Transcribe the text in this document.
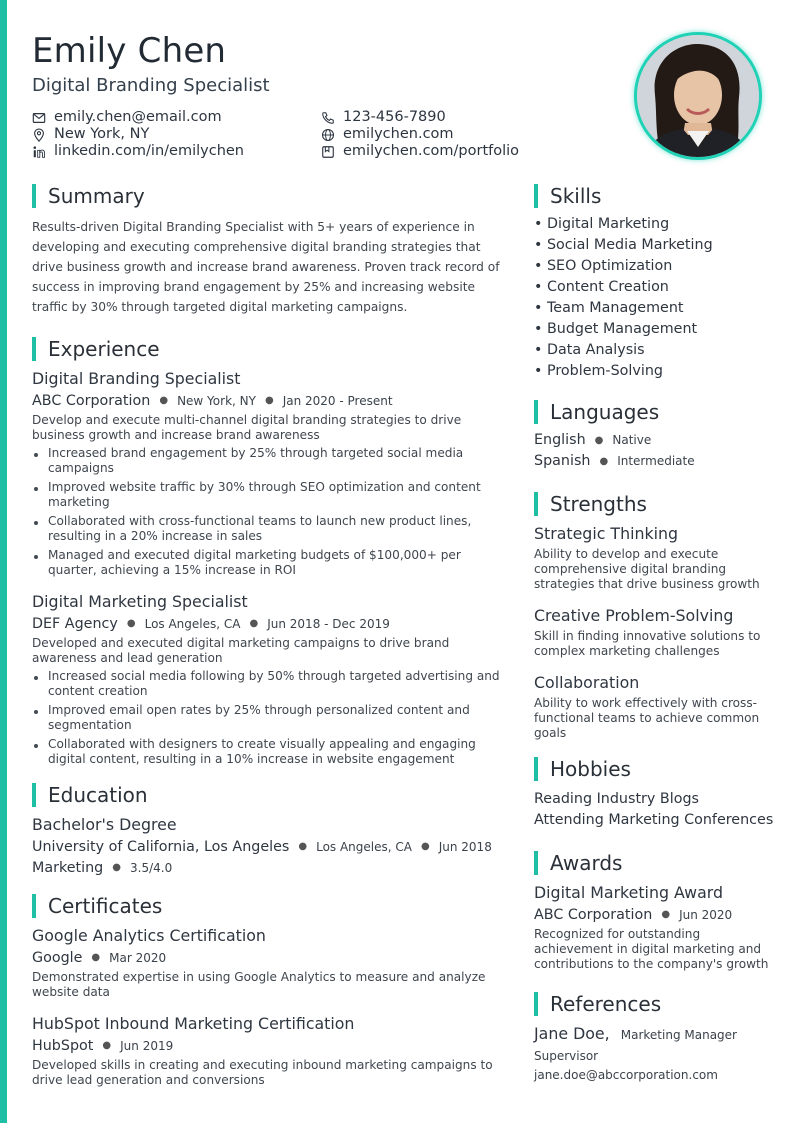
Emily Chen
Digital Branding Specialist
emily.chen@email.com	123-456-7890
New York, NY	emilychen.com
linkedin.com/in/emilychen	emilychen.com/portfolio
Summary
Results-driven Digital Branding Specialist with 5+ years of experience in developing and executing comprehensive digital branding strategies that drive business growth and increase brand awareness. Proven track record of success in improving brand engagement by 25% and increasing website traffic by 30% through targeted digital marketing campaigns.
Experience
Digital Branding Specialist
ABC Corporation ● New York, NY ● Jan 2020 - Present
Develop and execute multi-channel digital branding strategies to drive business growth and increase brand awareness
Increased brand engagement by 25% through targeted social media campaigns
Improved website traffic by 30% through SEO optimization and content marketing
Collaborated with cross-functional teams to launch new product lines, resulting in a 20% increase in sales
Managed and executed digital marketing budgets of $100,000+ per quarter, achieving a 15% increase in ROI
Digital Marketing Specialist
DEF Agency ● Los Angeles, CA ● Jun 2018 - Dec 2019
Developed and executed digital marketing campaigns to drive brand awareness and lead generation
Increased social media following by 50% through targeted advertising and content creation
Improved email open rates by 25% through personalized content and segmentation
Collaborated with designers to create visually appealing and engaging digital content, resulting in a 10% increase in website engagement
Education
Bachelor's Degree
University of California, Los Angeles ● Los Angeles, CA ● Jun 2018
Marketing ● 3.5/4.0
Certificates
Google Analytics Certification
Google ● Mar 2020
Demonstrated expertise in using Google Analytics to measure and analyze website data
HubSpot Inbound Marketing Certification
HubSpot ● Jun 2019
Developed skills in creating and executing inbound marketing campaigns to drive lead generation and conversions
Skills
• Digital Marketing
• Social Media Marketing
• SEO Optimization
• Content Creation
• Team Management
• Budget Management
• Data Analysis
• Problem-Solving
Languages
English ● Native
Spanish ● Intermediate
Strengths
Strategic Thinking
Ability to develop and execute comprehensive digital branding strategies that drive business growth
Creative Problem-Solving
Skill in finding innovative solutions to complex marketing challenges
Collaboration
Ability to work effectively with cross-functional teams to achieve common goals
Hobbies
Reading Industry Blogs
Attending Marketing Conferences
Awards
Digital Marketing Award
ABC Corporation ● Jun 2020
Recognized for outstanding achievement in digital marketing and contributions to the company's growth
References
Jane Doe, Marketing Manager
Supervisor
jane.doe@abccorporation.com
